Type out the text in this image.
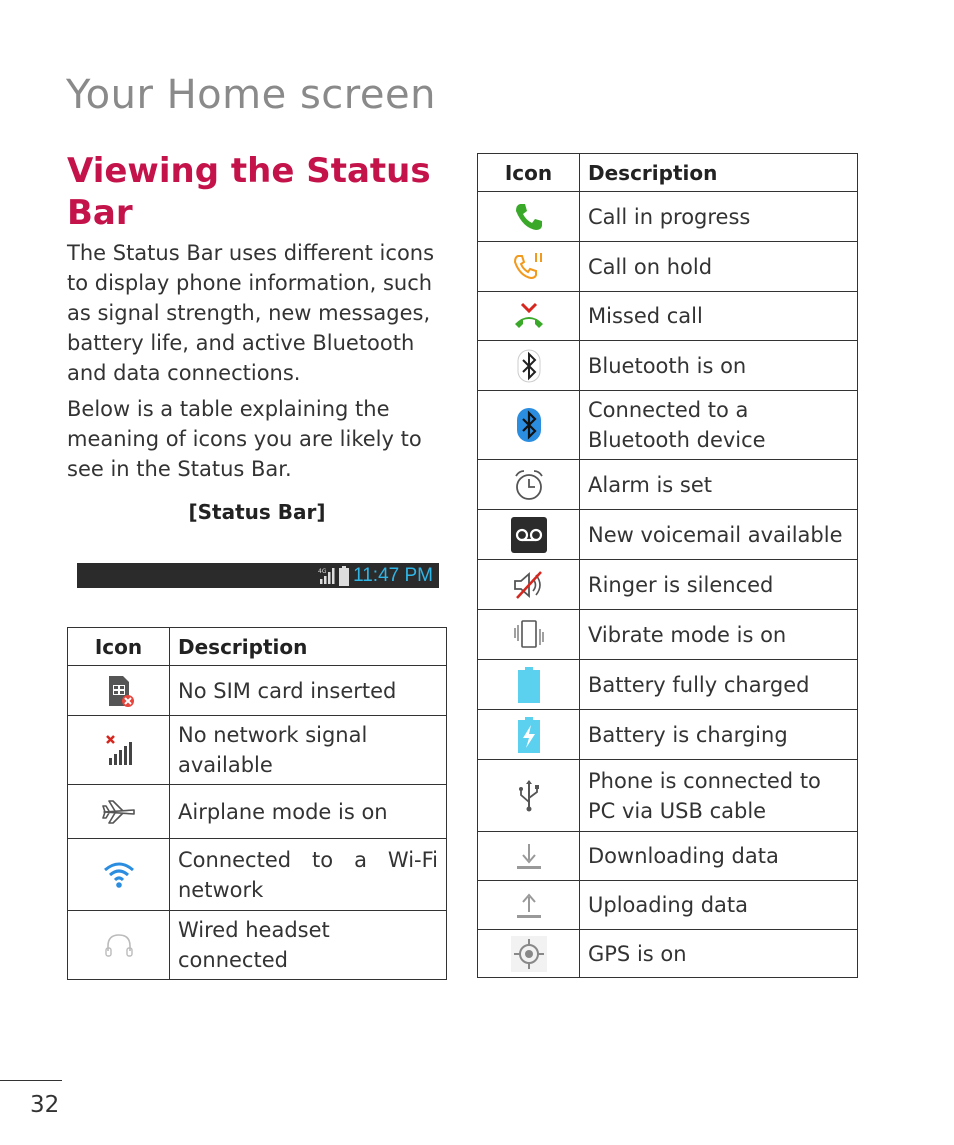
Your Home screen
Viewing the Status Bar

The Status Bar uses different icons to display phone information, such as signal strength, new messages, battery life, and active Bluetooth and data connections.

Below is a table explaining the meaning of icons you are likely to see in the Status Bar.

[Status Bar]
4G 11:47 PM
Icon	Description
	No SIM card inserted
	No network signal available
	Airplane mode is on
	Connected to a Wi-Fi network
	Wired headset connected
Icon	Description
	Call in progress
	Call on hold
	Missed call
	Bluetooth is on
	Connected to a Bluetooth device
	Alarm is set
	New voicemail available
	Ringer is silenced
	Vibrate mode is on
	Battery fully charged
	Battery is charging
	Phone is connected to PC via USB cable
	Downloading data
	Uploading data
	GPS is on
32
